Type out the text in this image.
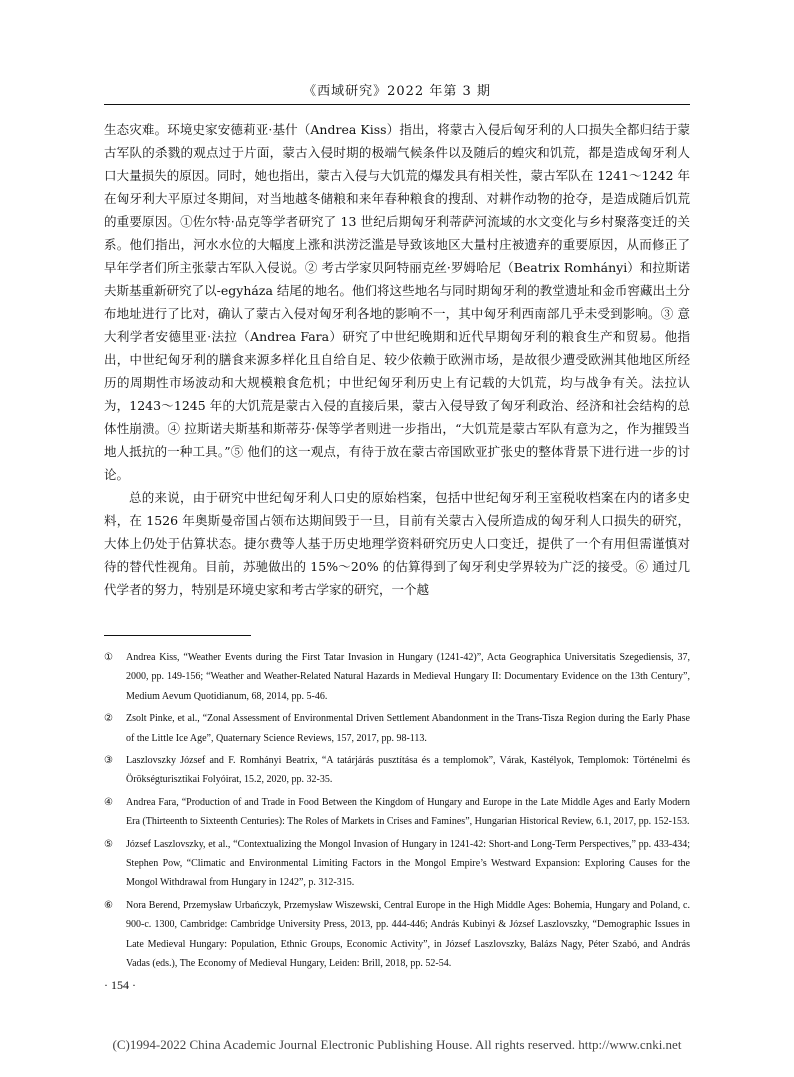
《西域研究》2022 年第 3 期

生态灾难。环境史家安德莉亚·基什（Andrea Kiss）指出，将蒙古入侵后匈牙利的人口损失全都归结于蒙古军队的杀戮的观点过于片面，蒙古入侵时期的极端气候条件以及随后的蝗灾和饥荒，都是造成匈牙利人口大量损失的原因。同时，她也指出，蒙古入侵与大饥荒的爆发具有相关性，蒙古军队在 1241～1242 年在匈牙利大平原过冬期间，对当地越冬储粮和来年春种粮食的搜刮、对耕作动物的抢夺，是造成随后饥荒的重要原因。①佐尔特·品克等学者研究了 13 世纪后期匈牙利蒂萨河流域的水文变化与乡村聚落变迁的关系。他们指出，河水水位的大幅度上涨和洪涝泛滥是导致该地区大量村庄被遗弃的重要原因，从而修正了早年学者们所主张蒙古军队入侵说。② 考古学家贝阿特丽克丝·罗姆哈尼（Beatrix Romhányi）和拉斯诺夫斯基重新研究了以-egyháza 结尾的地名。他们将这些地名与同时期匈牙利的教堂遗址和金币窖藏出土分布地址进行了比对，确认了蒙古入侵对匈牙利各地的影响不一，其中匈牙利西南部几乎未受到影响。③ 意大利学者安德里亚·法拉（Andrea Fara）研究了中世纪晚期和近代早期匈牙利的粮食生产和贸易。他指出，中世纪匈牙利的膳食来源多样化且自给自足、较少依赖于欧洲市场，是故很少遭受欧洲其他地区所经历的周期性市场波动和大规模粮食危机；中世纪匈牙利历史上有记载的大饥荒，均与战争有关。法拉认为，1243～1245 年的大饥荒是蒙古入侵的直接后果，蒙古入侵导致了匈牙利政治、经济和社会结构的总体性崩溃。④ 拉斯诺夫斯基和斯蒂芬·保等学者则进一步指出，“大饥荒是蒙古军队有意为之，作为摧毁当地人抵抗的一种工具。”⑤ 他们的这一观点，有待于放在蒙古帝国欧亚扩张史的整体背景下进行进一步的讨论。

总的来说，由于研究中世纪匈牙利人口史的原始档案，包括中世纪匈牙利王室税收档案在内的诸多史料，在 1526 年奥斯曼帝国占领布达期间毁于一旦，目前有关蒙古入侵所造成的匈牙利人口损失的研究，大体上仍处于估算状态。捷尔费等人基于历史地理学资料研究历史人口变迁，提供了一个有用但需谨慎对待的替代性视角。目前，苏驰做出的 15%～20% 的估算得到了匈牙利史学界较为广泛的接受。⑥ 通过几代学者的努力，特别是环境史家和考古学家的研究，一个越

①	Andrea Kiss, “Weather Events during the First Tatar Invasion in Hungary (1241-42)”, Acta Geographica Universitatis Szegediensis, 37, 2000, pp. 149-156; “Weather and Weather-Related Natural Hazards in Medieval Hungary II: Documentary Evidence on the 13th Century”, Medium Aevum Quotidianum, 68, 2014, pp. 5-46.
②	Zsolt Pinke, et al., “Zonal Assessment of Environmental Driven Settlement Abandonment in the Trans-Tisza Region during the Early Phase of the Little Ice Age”, Quaternary Science Reviews, 157, 2017, pp. 98-113.
③	Laszlovszky József and F. Romhányi Beatrix, “A tatárjárás pusztítása és a templomok”, Várak, Kastélyok, Templomok: Történelmi és Örökségturisztikai Folyóirat, 15.2, 2020, pp. 32-35.
④	Andrea Fara, “Production of and Trade in Food Between the Kingdom of Hungary and Europe in the Late Middle Ages and Early Modern Era (Thirteenth to Sixteenth Centuries): The Roles of Markets in Crises and Famines”, Hungarian Historical Review, 6.1, 2017, pp. 152-153.
⑤	József Laszlovszky, et al., “Contextualizing the Mongol Invasion of Hungary in 1241-42: Short-and Long-Term Perspectives,” pp. 433-434; Stephen Pow, “Climatic and Environmental Limiting Factors in the Mongol Empire’s Westward Expansion: Exploring Causes for the Mongol Withdrawal from Hungary in 1242”, p. 312-315.
⑥	Nora Berend, Przemysław Urbańczyk, Przemysław Wiszewski, Central Europe in the High Middle Ages: Bohemia, Hungary and Poland, c. 900-c. 1300, Cambridge: Cambridge University Press, 2013, pp. 444-446; András Kubinyi & József Laszlovszky, “Demographic Issues in Late Medieval Hungary: Population, Ethnic Groups, Economic Activity”, in József Laszlovszky, Balázs Nagy, Péter Szabó, and András Vadas (eds.), The Economy of Medieval Hungary, Leiden: Brill, 2018, pp. 52-54.
· 154 ·
(C)1994-2022 China Academic Journal Electronic Publishing House. All rights reserved. http://www.cnki.net
